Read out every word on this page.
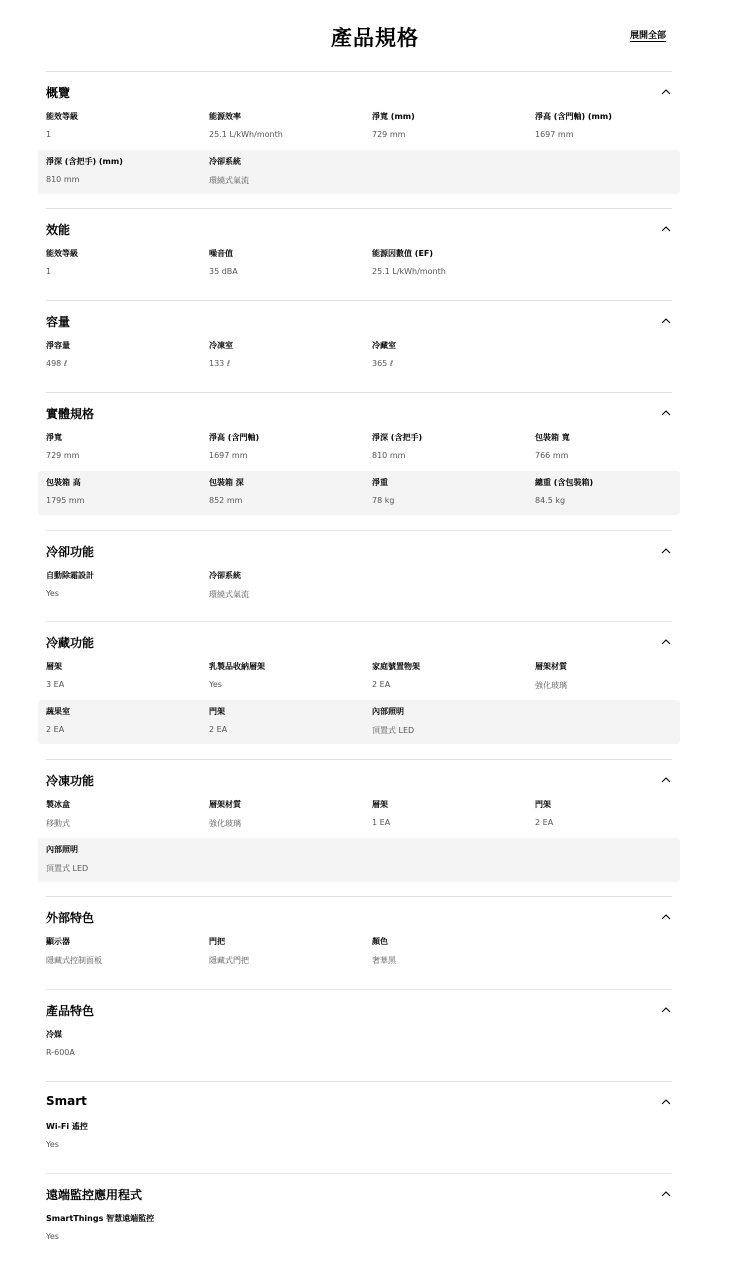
產品規格	展開全部
概覽
能效等級
1
能源效率
25.1 L/kWh/month
淨寬 (mm)
729 mm
淨高 (含門軸) (mm)
1697 mm
淨深 (含把手) (mm)
810 mm
冷卻系統
環繞式氣流
效能
能效等級
1
噪音值
35 dBA
能源因數值 (EF)
25.1 L/kWh/month
容量
淨容量
498 ℓ
冷凍室
133 ℓ
冷藏室
365 ℓ
實體規格
淨寬
729 mm
淨高 (含門軸)
1697 mm
淨深 (含把手)
810 mm
包裝箱 寬
766 mm
包裝箱 高
1795 mm
包裝箱 深
852 mm
淨重
78 kg
總重 (含包裝箱)
84.5 kg
冷卻功能
自動除霜設計
Yes
冷卻系統
環繞式氣流
冷藏功能
層架
3 EA
乳製品收納層架
Yes
家庭號置物架
2 EA
層架材質
強化玻璃
蔬果室
2 EA
門架
2 EA
內部照明
頂置式 LED
冷凍功能
製冰盒
移動式
層架材質
強化玻璃
層架
1 EA
門架
2 EA
內部照明
頂置式 LED
外部特色
顯示器
隱藏式控制面板
門把
隱藏式門把
顏色
奢華黑
產品特色
冷媒
R-600A
Smart
Wi-Fi 遙控
Yes
遠端監控應用程式
SmartThings 智慧遠端監控
Yes
